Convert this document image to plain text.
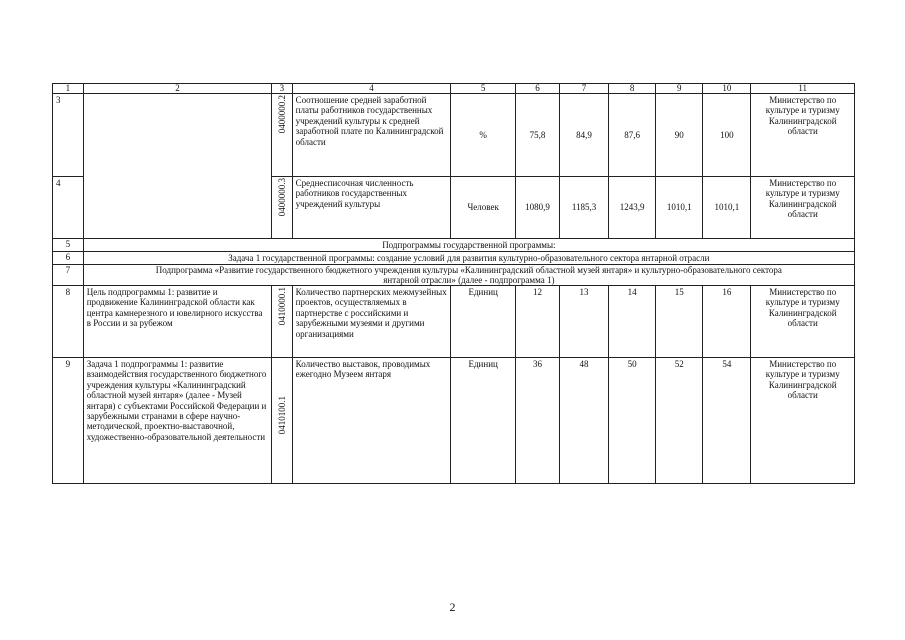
1	2	3	4	5	6	7	8	9	10	11
3		0400000.2	Соотношение средней заработной платы работников государственных учреждений культуры к средней заработной плате по Калининградской области	%	75,8	84,9	87,6	90	100	Министерство по культуре и туризму Калининградской области
4		0400000.3	Среднесписочная численность работников государственных учреждений культуры	Человек	1080,9	1185,3	1243,9	1010,1	1010,1	Министерство по культуре и туризму Калининградской области
5	Подпрограммы государственной программы:									
6	Задача 1 государственной программы: создание условий для развития культурно-образовательного сектора янтарной отрасли									
7	Подпрограмма «Развитие государственного бюджетного учреждения культуры «Калининградский областной музей янтаря» и культурно-образовательного сектора янтарной отрасли» (далее - подпрограмма 1)									
8	Цель подпрограммы 1: развитие и продвижение Калининградской области как центра камнерезного и ювелирного искусства в России и за рубежом	0410000.1	Количество партнерских межмузейных проектов, осуществляемых в партнерстве с российскими и зарубежными музеями и другими организациями	Единиц	12	13	14	15	16	Министерство по культуре и туризму Калининградской области
9	Задача 1 подпрограммы 1: развитие взаимодействия государственного бюджетного учреждения культуры «Калининградский областной музей янтаря» (далее - Музей янтаря) с субъектами Российской Федерации и зарубежными странами в сфере научно-методической, проектно-выставочной, художественно-образовательной деятельности	0410100.1	Количество выставок, проводимых ежегодно Музеем янтаря	Единиц	36	48	50	52	54	Министерство по культуре и туризму Калининградской области
2
